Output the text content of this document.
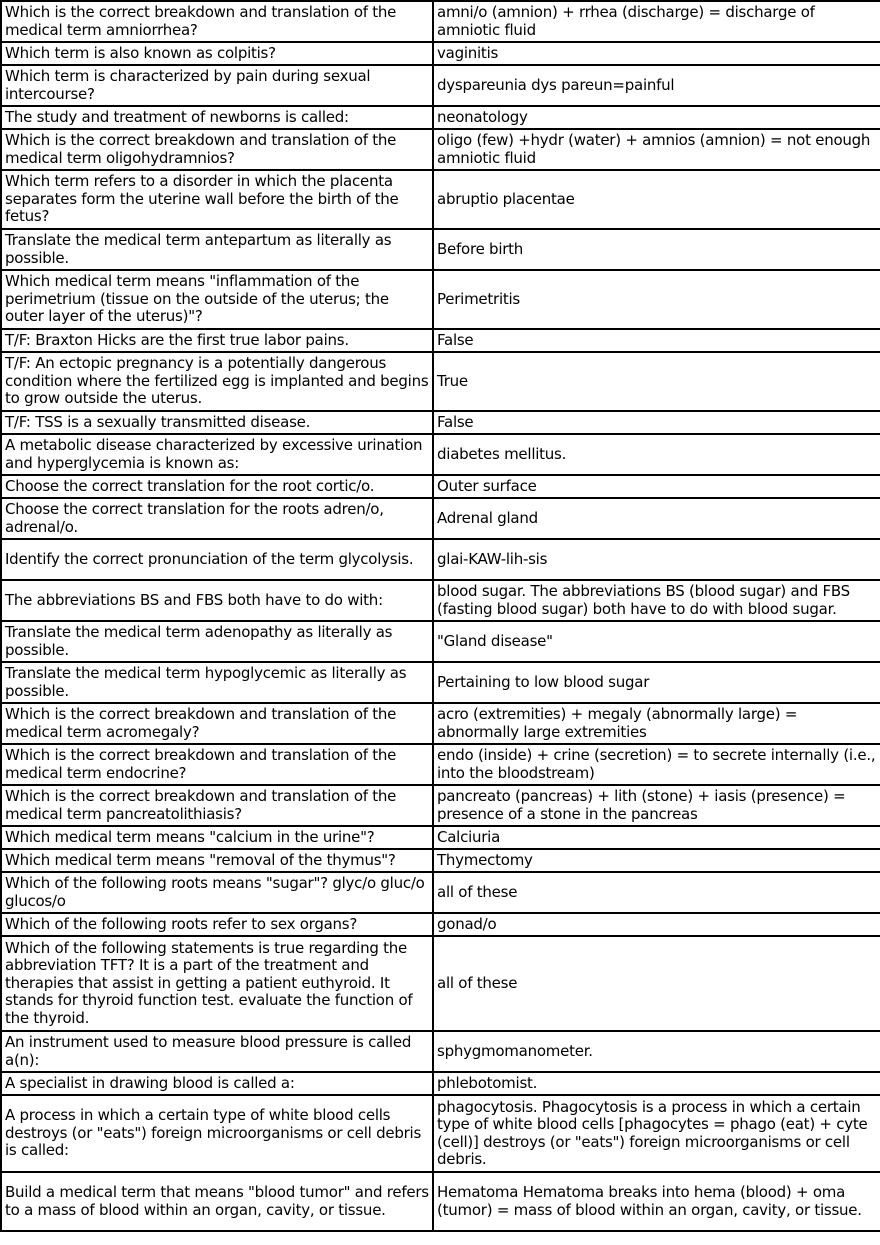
Which is the correct breakdown and translation of the medical term amniorrhea?	amni/o (amnion) + rrhea (discharge) = discharge of amniotic fluid
Which term is also known as colpitis?	vaginitis
Which term is characterized by pain during sexual intercourse?	dyspareunia dys pareun=painful
The study and treatment of newborns is called:	neonatology
Which is the correct breakdown and translation of the medical term oligohydramnios?	oligo (few) +hydr (water) + amnios (amnion) = not enough amniotic fluid
Which term refers to a disorder in which the placenta separates form the uterine wall before the birth of the fetus?	abruptio placentae
Translate the medical term antepartum as literally as possible.	Before birth
Which medical term means "inflammation of the perimetrium (tissue on the outside of the uterus; the outer layer of the uterus)"?	Perimetritis
T/F: Braxton Hicks are the first true labor pains.	False
T/F: An ectopic pregnancy is a potentially dangerous condition where the fertilized egg is implanted and begins to grow outside the uterus.	True
T/F: TSS is a sexually transmitted disease.	False
A metabolic disease characterized by excessive urination and hyperglycemia is known as:	diabetes mellitus.
Choose the correct translation for the root cortic/o.	Outer surface
Choose the correct translation for the roots adren/o, adrenal/o.	Adrenal gland
Identify the correct pronunciation of the term glycolysis.	glai-KAW-lih-sis
The abbreviations BS and FBS both have to do with:	blood sugar. The abbreviations BS (blood sugar) and FBS (fasting blood sugar) both have to do with blood sugar.
Translate the medical term adenopathy as literally as possible.	"Gland disease"
Translate the medical term hypoglycemic as literally as possible.	Pertaining to low blood sugar
Which is the correct breakdown and translation of the medical term acromegaly?	acro (extremities) + megaly (abnormally large) = abnormally large extremities
Which is the correct breakdown and translation of the medical term endocrine?	endo (inside) + crine (secretion) = to secrete internally (i.e., into the bloodstream)
Which is the correct breakdown and translation of the medical term pancreatolithiasis?	pancreato (pancreas) + lith (stone) + iasis (presence) = presence of a stone in the pancreas
Which medical term means "calcium in the urine"?	Calciuria
Which medical term means "removal of the thymus"?	Thymectomy
Which of the following roots means "sugar"? glyc/o gluc/o glucos/o	all of these
Which of the following roots refer to sex organs?	gonad/o
Which of the following statements is true regarding the abbreviation TFT? It is a part of the treatment and therapies that assist in getting a patient euthyroid. It stands for thyroid function test. evaluate the function of the thyroid.	all of these
An instrument used to measure blood pressure is called a(n):	sphygmomanometer.
A specialist in drawing blood is called a:	phlebotomist.
A process in which a certain type of white blood cells destroys (or "eats") foreign microorganisms or cell debris is called:	phagocytosis. Phagocytosis is a process in which a certain type of white blood cells [phagocytes = phago (eat) + cyte (cell)] destroys (or "eats") foreign microorganisms or cell debris.
Build a medical term that means "blood tumor" and refers to a mass of blood within an organ, cavity, or tissue.	Hematoma Hematoma breaks into hema (blood) + oma (tumor) = mass of blood within an organ, cavity, or tissue.
